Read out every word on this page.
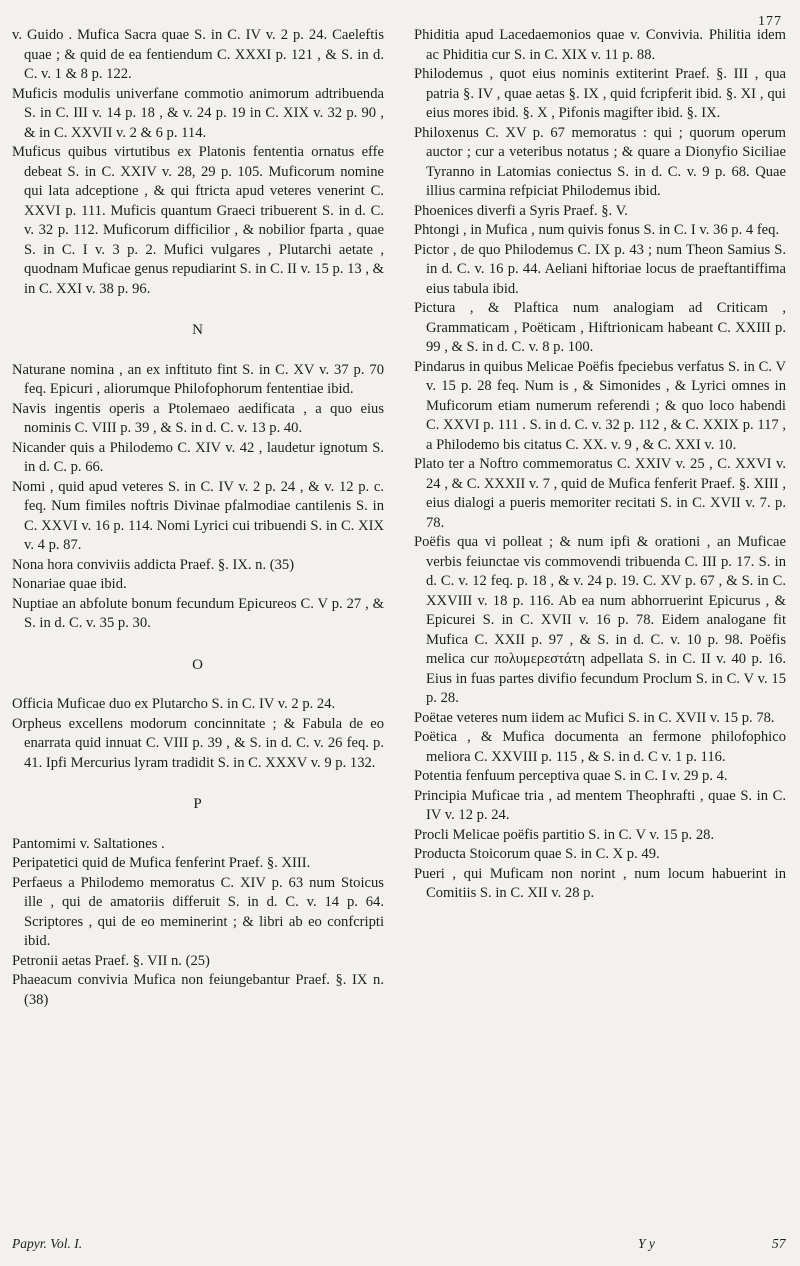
177

v. Guido . Mufica Sacra quae S. in C. IV v. 2 p. 24. Caeleftis quae ; & quid de ea fentiendum C. XXXI p. 121 , & S. in d. C. v. 1 & 8 p. 122.

Muficis modulis univerfane commotio animorum adtribuenda S. in C. III v. 14 p. 18 , & v. 24 p. 19 in C. XIX v. 32 p. 90 , & in C. XXVII v. 2 & 6 p. 114.

Muficus quibus virtutibus ex Platonis fententia ornatus effe debeat S. in C. XXIV v. 28, 29 p. 105. Muficorum nomine qui lata adceptione , & qui ftricta apud veteres venerint C. XXVI p. 111. Muficis quantum Graeci tribuerent S. in d. C. v. 32 p. 112. Muficorum difficilior , & nobilior fparta , quae S. in C. I v. 3 p. 2. Mufici vulgares , Plutarchi aetate , quodnam Muficae genus repudiarint S. in C. II v. 15 p. 13 , & in C. XXI v. 38 p. 96.

N

Naturane nomina , an ex inftituto fint S. in C. XV v. 37 p. 70 feq. Epicuri , aliorumque Philofophorum fententiae ibid.

Navis ingentis operis a Ptolemaeo aedificata , a quo eius nominis C. VIII p. 39 , & S. in d. C. v. 13 p. 40.

Nicander quis a Philodemo C. XIV v. 42 , laudetur ignotum S. in d. C. p. 66.

Nomi , quid apud veteres S. in C. IV v. 2 p. 24 , & v. 12 p. c. feq. Num fimiles noftris Divinae pfalmodiae cantilenis S. in C. XXVI v. 16 p. 114. Nomi Lyrici cui tribuendi S. in C. XIX v. 4 p. 87.

Nona hora conviviis addicta Praef. §. IX. n. (35)

Nonariae quae ibid.

Nuptiae an abfolute bonum fecundum Epicureos C. V p. 27 , & S. in d. C. v. 35 p. 30.

O

Officia Muficae duo ex Plutarcho S. in C. IV v. 2 p. 24.

Orpheus excellens modorum concinnitate ; & Fabula de eo enarrata quid innuat C. VIII p. 39 , & S. in d. C. v. 26 feq. p. 41. Ipfi Mercurius lyram tradidit S. in C. XXXV v. 9 p. 132.

P

Pantomimi v. Saltationes .

Peripatetici quid de Mufica fenferint Praef. §. XIII.

Perfaeus a Philodemo memoratus C. XIV p. 63 num Stoicus ille , qui de amatoriis differuit S. in d. C. v. 14 p. 64. Scriptores , qui de eo meminerint ; & libri ab eo confcripti ibid.

Petronii aetas Praef. §. VII n. (25)

Phaeacum convivia Mufica non feiungebantur Praef. §. IX n. (38)

Phiditia apud Lacedaemonios quae v. Convivia. Philitia idem ac Phiditia cur S. in C. XIX v. 11 p. 88.

Philodemus , quot eius nominis extiterint Praef. §. III , qua patria §. IV , quae aetas §. IX , quid fcripferit ibid. §. XI , qui eius mores ibid. §. X , Pifonis magifter ibid. §. IX.

Philoxenus C. XV p. 67 memoratus : qui ; quorum operum auctor ; cur a veteribus notatus ; & quare a Dionyfio Siciliae Tyranno in Latomias coniectus S. in d. C. v. 9 p. 68. Quae illius carmina refpiciat Philodemus ibid.

Phoenices diverfi a Syris Praef. §. V.

Phtongi , in Mufica , num quivis fonus S. in C. I v. 36 p. 4 feq.

Pictor , de quo Philodemus C. IX p. 43 ; num Theon Samius S. in d. C. v. 16 p. 44. Aeliani hiftoriae locus de praeftantiffima eius tabula ibid.

Pictura , & Plaftica num analogiam ad Criticam , Grammaticam , Poëticam , Hiftrionicam habeant C. XXIII p. 99 , & S. in d. C. v. 8 p. 100.

Pindarus in quibus Melicae Poëfis fpeciebus verfatus S. in C. V v. 15 p. 28 feq. Num is , & Simonides , & Lyrici omnes in Muficorum etiam numerum referendi ; & quo loco habendi C. XXVI p. 111 . S. in d. C. v. 32 p. 112 , & C. XXIX p. 117 , a Philodemo bis citatus C. XX. v. 9 , & C. XXI v. 10.

Plato ter a Noftro commemoratus C. XXIV v. 25 , C. XXVI v. 24 , & C. XXXII v. 7 , quid de Mufica fenferit Praef. §. XIII , eius dialogi a pueris memoriter recitati S. in C. XVII v. 7. p. 78.

Poëfis qua vi polleat ; & num ipfi & orationi , an Muficae verbis feiunctae vis commovendi tribuenda C. III p. 17. S. in d. C. v. 12 feq. p. 18 , & v. 24 p. 19. C. XV p. 67 , & S. in C. XXVIII v. 18 p. 116. Ab ea num abhorruerint Epicurus , & Epicurei S. in C. XVII v. 16 p. 78. Eidem analogane fit Mufica C. XXII p. 97 , & S. in d. C. v. 10 p. 98. Poëfis melica cur πολυμερεστάτη adpellata S. in C. II v. 40 p. 16. Eius in fuas partes divifio fecundum Proclum S. in C. V v. 15 p. 28.

Poëtae veteres num iidem ac Mufici S. in C. XVII v. 15 p. 78.

Poëtica , & Mufica documenta an fermone philofophico meliora C. XXVIII p. 115 , & S. in d. C v. 1 p. 116.

Potentia fenfuum perceptiva quae S. in C. I v. 29 p. 4.

Principia Muficae tria , ad mentem Theophrafti , quae S. in C. IV v. 12 p. 24.

Procli Melicae poëfis partitio S. in C. V v. 15 p. 28.

Producta Stoicorum quae S. in C. X p. 49.

Pueri , qui Muficam non norint , num locum habuerint in Comitiis S. in C. XII v. 28 p.

Papyr. Vol. I.	Y y	57
